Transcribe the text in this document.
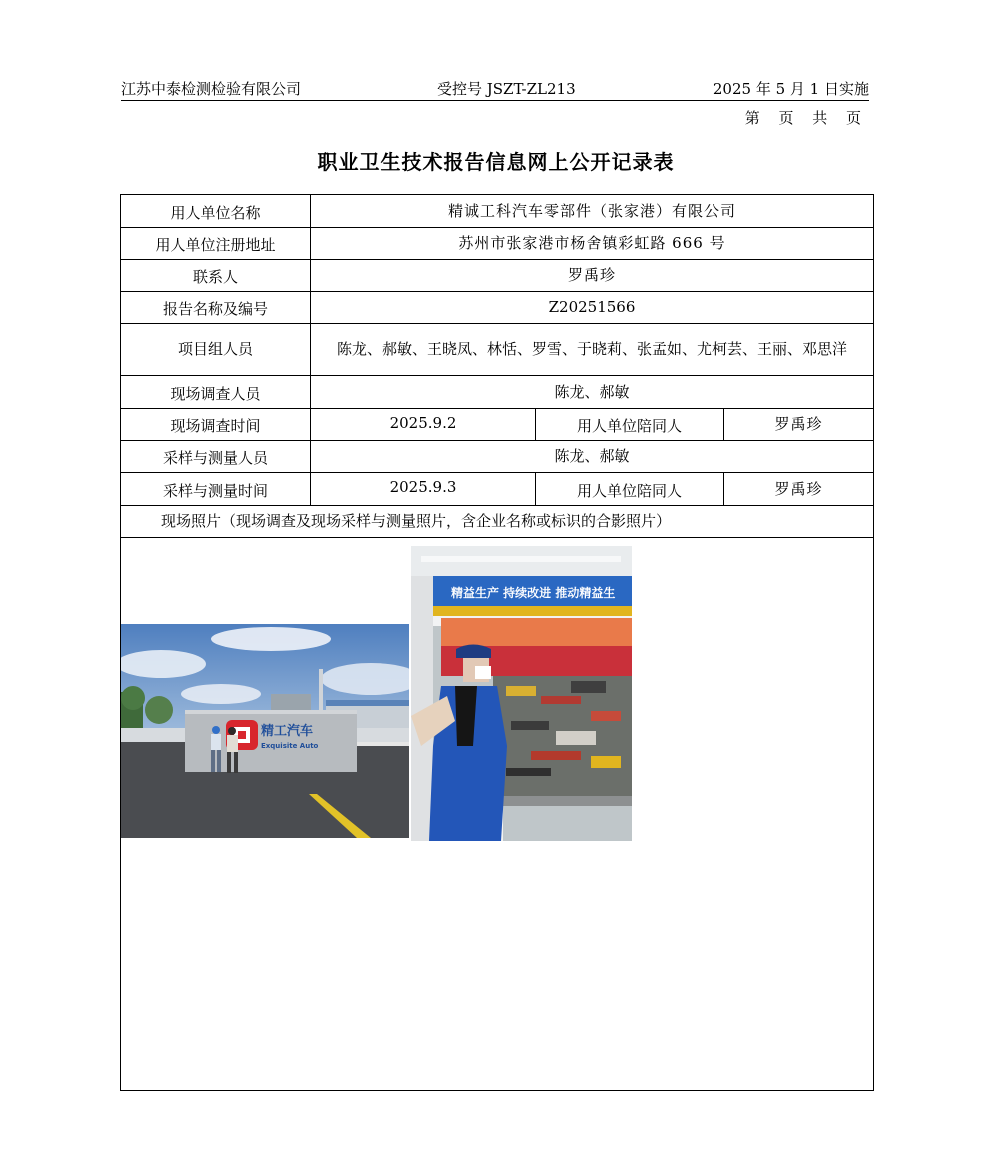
江苏中泰检测检验有限公司	受控号 JSZT-ZL213	2025 年 5 月 1 日实施
第 页 共 页
职业卫生技术报告信息网上公开记录表
用人单位名称	精诚工科汽车零部件（张家港）有限公司		
用人单位注册地址	苏州市张家港市杨舍镇彩虹路 666 号		
联系人	罗禹珍		
报告名称及编号	Z20251566		
项目组人员	陈龙、郝敏、王晓凤、林恬、罗雪、于晓莉、张孟如、尤柯芸、王丽、邓思洋		
现场调查人员	陈龙、郝敏		
现场调查时间	2025.9.2	用人单位陪同人	罗禹珍
采样与测量人员	陈龙、郝敏		
采样与测量时间	2025.9.3	用人单位陪同人	罗禹珍
现场照片（现场调查及现场采样与测量照片，含企业名称或标识的合影照片）			

精工汽车
Exquisite Auto
精益生产 持续改进 推动精益生			
